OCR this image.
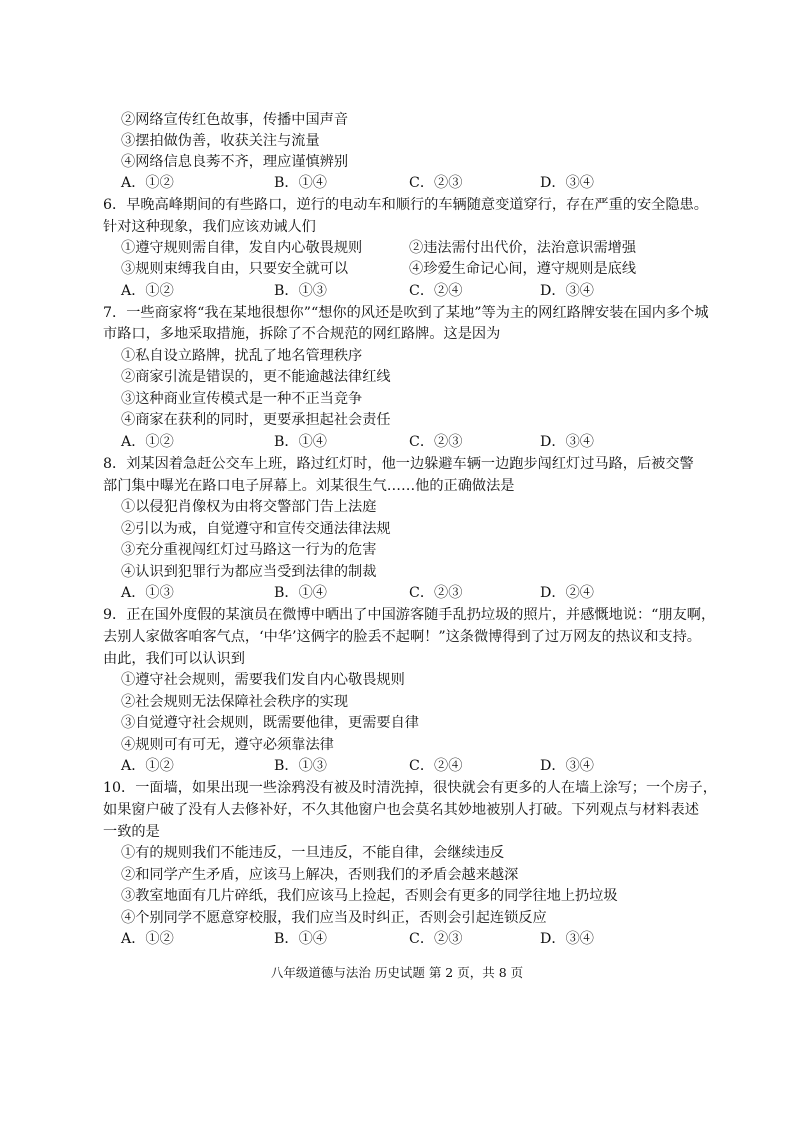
②网络宣传红色故事，传播中国声音
③摆拍做伪善，收获关注与流量
④网络信息良莠不齐，理应谨慎辨别
A．①②	B．①④	C．②③	D．③④
6．早晚高峰期间的有些路口，逆行的电动车和顺行的车辆随意变道穿行，存在严重的安全隐患。
针对这种现象，我们应该劝诫人们
①遵守规则需自律，发自内心敬畏规则	②违法需付出代价，法治意识需增强
③规则束缚我自由，只要安全就可以	④珍爱生命记心间，遵守规则是底线
A．①②	B．①③	C．②④	D．③④
7．一些商家将“我在某地很想你”“想你的风还是吹到了某地”等为主的网红路牌安装在国内多个城
市路口，多地采取措施，拆除了不合规范的网红路牌。这是因为
①私自设立路牌，扰乱了地名管理秩序
②商家引流是错误的，更不能逾越法律红线
③这种商业宣传模式是一种不正当竞争
④商家在获利的同时，更要承担起社会责任
A．①②	B．①④	C．②③	D．③④
8．刘某因着急赶公交车上班，路过红灯时，他一边躲避车辆一边跑步闯红灯过马路，后被交警
部门集中曝光在路口电子屏幕上。刘某很生气……他的正确做法是
①以侵犯肖像权为由将交警部门告上法庭
②引以为戒，自觉遵守和宣传交通法律法规
③充分重视闯红灯过马路这一行为的危害
④认识到犯罪行为都应当受到法律的制裁
A．①③	B．①④	C．②③	D．②④
9．正在国外度假的某演员在微博中晒出了中国游客随手乱扔垃圾的照片，并感慨地说：“朋友啊，
去别人家做客咱客气点，‘中华’这俩字的脸丢不起啊！”这条微博得到了过万网友的热议和支持。
由此，我们可以认识到
①遵守社会规则，需要我们发自内心敬畏规则
②社会规则无法保障社会秩序的实现
③自觉遵守社会规则，既需要他律，更需要自律
④规则可有可无，遵守必须靠法律
A．①②	B．①③	C．②④	D．③④
10．一面墙，如果出现一些涂鸦没有被及时清洗掉，很快就会有更多的人在墙上涂写；一个房子，
如果窗户破了没有人去修补好，不久其他窗户也会莫名其妙地被别人打破。下列观点与材料表述
一致的是
①有的规则我们不能违反，一旦违反，不能自律，会继续违反
②和同学产生矛盾，应该马上解决，否则我们的矛盾会越来越深
③教室地面有几片碎纸，我们应该马上捡起，否则会有更多的同学往地上扔垃圾
④个别同学不愿意穿校服，我们应当及时纠正，否则会引起连锁反应
A．①②	B．①④	C．②③	D．③④
八年级道德与法治 历史试题 第 2 页，共 8 页
